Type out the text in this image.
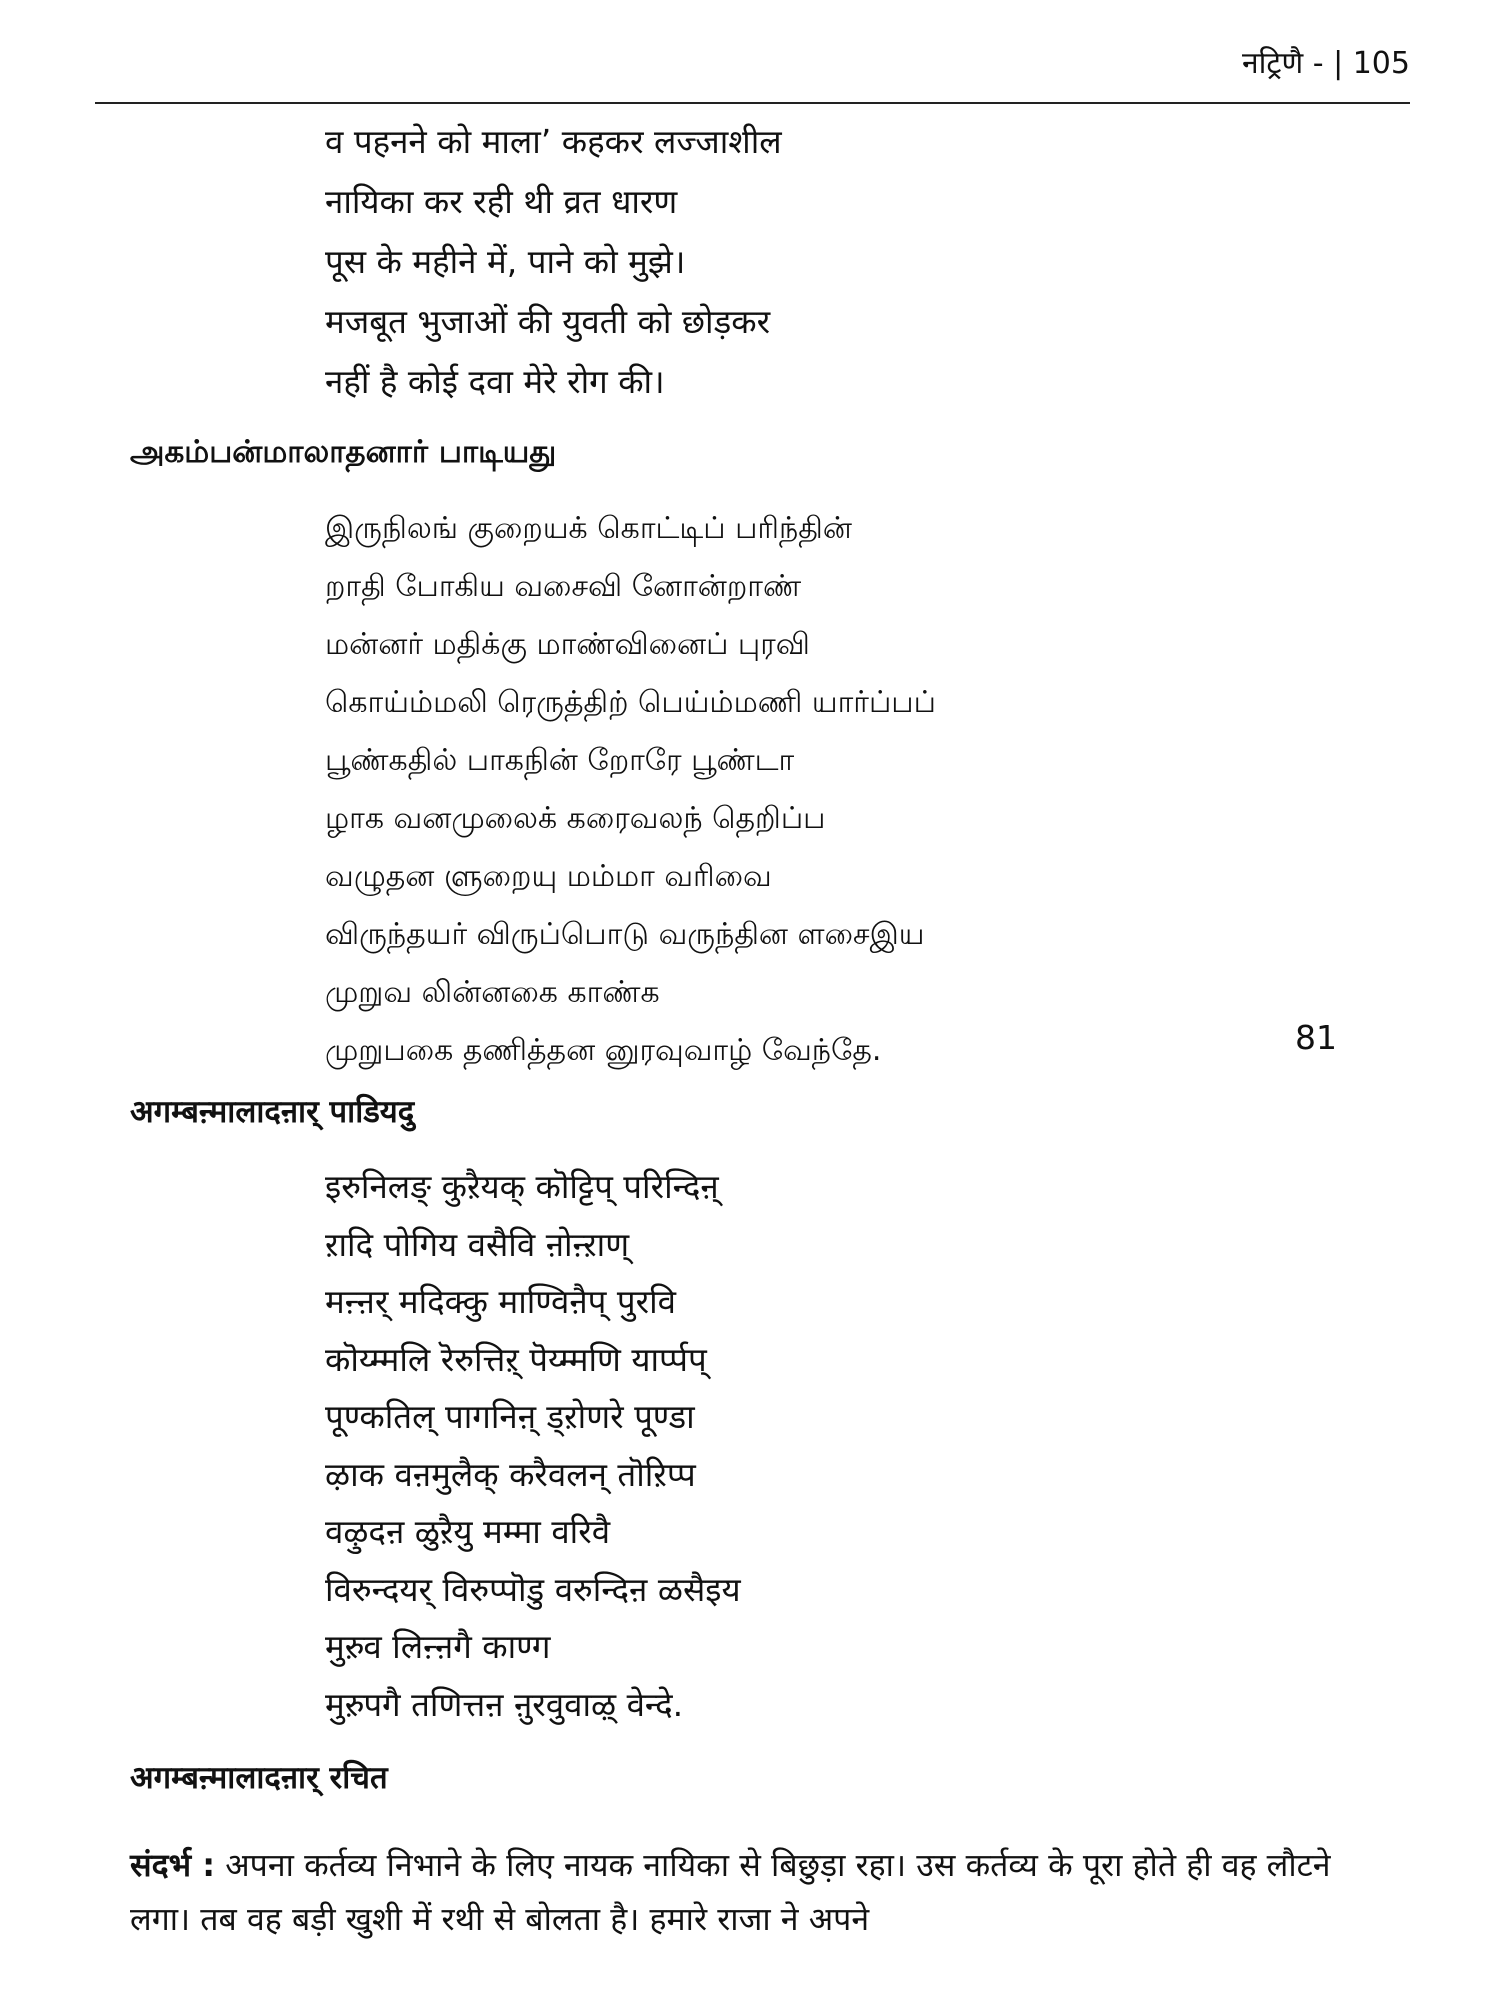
नट्रिणै - | 105
व पहनने को माला’ कहकर लज्जाशील
नायिका कर रही थी व्रत धारण
पूस के महीने में, पाने को मुझे।
मजबूत भुजाओं की युवती को छोड़कर
नहीं है कोई दवा मेरे रोग की।
அகம்பன்மாலாதனார் பாடியது
இருநிலங் குறையக் கொட்டிப் பரிந்தின்
றாதி போகிய வசைவி னோன்றாண்
மன்னர் மதிக்கு மாண்வினைப் புரவி
கொய்ம்மலி ரெருத்திற் பெய்ம்மணி யார்ப்பப்
பூண்கதில் பாகநின் றோரே பூண்டா
ழாக வனமுலைக் கரைவலந் தெறிப்ப
வழுதன ளுறையு மம்மா வரிவை
விருந்தயர் விருப்பொடு வருந்தின ளசைஇய
முறுவ லின்னகை காண்க
முறுபகை தணித்தன னுரவுவாழ் வேந்தே.	81
अगम्बऩ्मालादऩार् पाडियदु
इरुनिलङ् कुऱैयक् कॊट्टिप् परिन्दिऩ्
ऱादि पोगिय वसैवि ऩोऩ्ऱाण्
मऩ्ऩर् मदिक्कु माण्विऩैप् पुरवि
कॊय्म्मलि रॆरुत्तिऱ् पॆय्म्मणि यार्प्पप्
पूण्कतिल् पागनिऩ् ड्ऱोणरे पूण्डा
ऴाक वऩमुलैक् करैवलन् तॊऱिप्प
वऴुदऩ ळुऱैयु मम्मा वरिवै
विरुन्दयर् विरुप्पॊडु वरुन्दिऩ ळसैइय
मुऱुव लिऩ्ऩगै काण्ग
मुऱुपगै तणित्तऩ ऩुरवुवाऴ् वेन्दे.
अगम्बऩ्मालादऩार् रचित
संदर्भ : अपना कर्तव्य निभाने के लिए नायक नायिका से बिछुड़ा रहा। उस कर्तव्य के पूरा होते ही वह लौटने लगा। तब वह बड़ी खुशी में रथी से बोलता है। हमारे राजा ने अपने
